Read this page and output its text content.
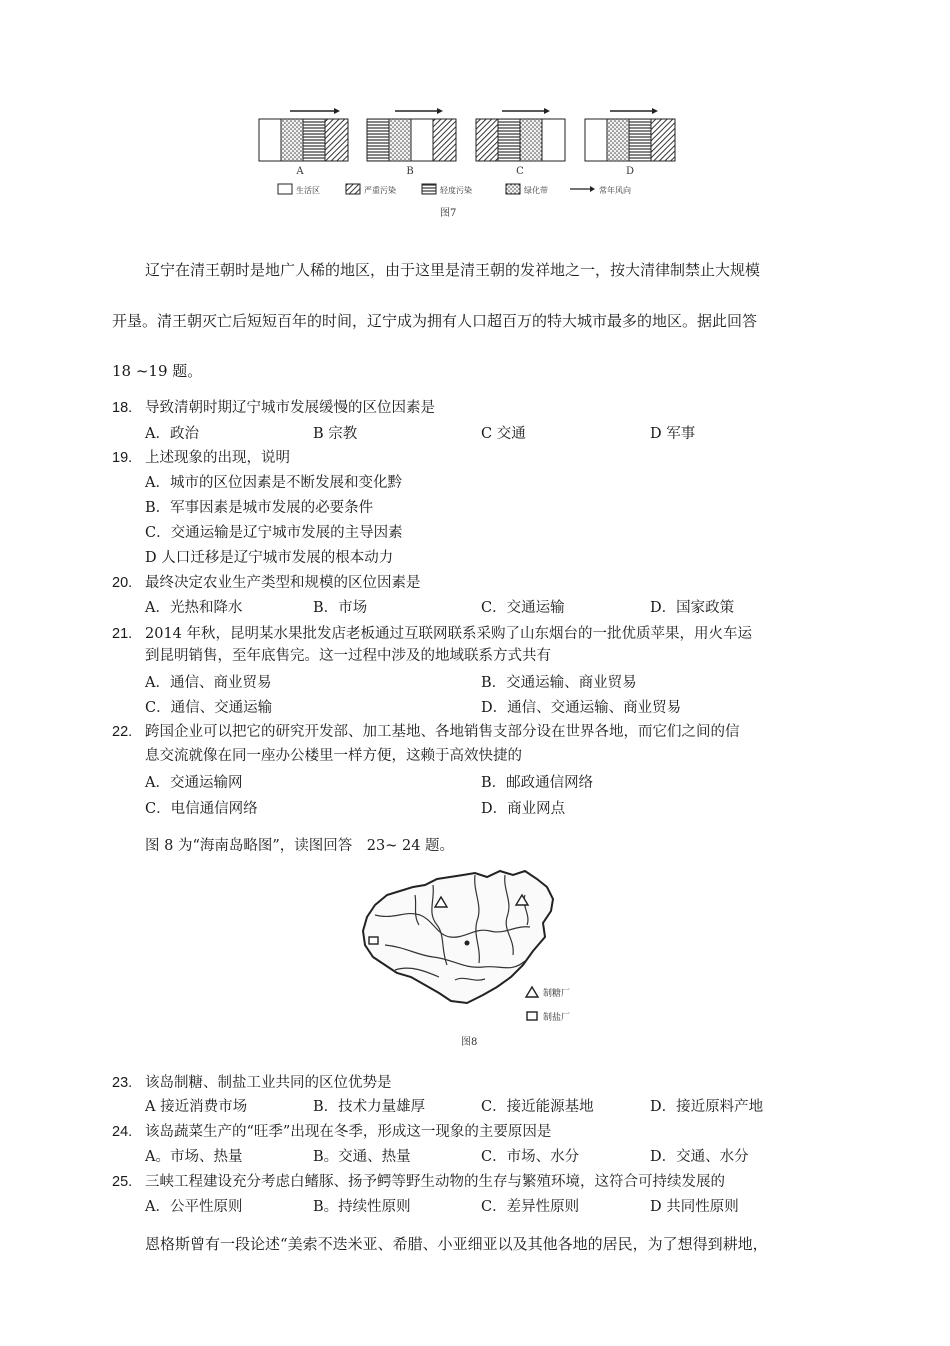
A	B	C	D
生活区	严重污染	轻度污染	绿化带	常年风向
图7
辽宁在清王朝时是地广人稀的地区，由于这里是清王朝的发祥地之一，按大清律制禁止大规模
开垦。清王朝灭亡后短短百年的时间，辽宁成为拥有人口超百万的特大城市最多的地区。据此回答
18 ~19 题。
18. 导致清朝时期辽宁城市发展缓慢的区位因素是
A．政治	B 宗教	C 交通	D 军事
19. 上述现象的出现，说明
A．城市的区位因素是不断发展和变化黔
B．军事因素是城市发展的必要条件
C．交通运输是辽宁城市发展的主导因素
D 人口迁移是辽宁城市发展的根本动力
20. 最终决定农业生产类型和规模的区位因素是
A．光热和降水	B．市场	C．交通运输	D．国家政策
21. 2014 年秋，昆明某水果批发店老板通过互联网联系采购了山东烟台的一批优质苹果，用火车运
到昆明销售，至年底售完。这一过程中涉及的地域联系方式共有
A．通信、商业贸易	B．交通运输、商业贸易
C．通信、交通运输	D．通信、交通运输、商业贸易
22. 跨国企业可以把它的研究开发部、加工基地、各地销售支部分设在世界各地，而它们之间的信
息交流就像在同一座办公楼里一样方便，这赖于高效快捷的
A．交通运输网	B．邮政通信网络
C．电信通信网络	D．商业网点
图 8 为“海南岛略图”，读图回答　23~ 24 题。
制糖厂
制盐厂
图8
23. 该岛制糖、制盐工业共同的区位优势是
A 接近消费市场	B．技术力量雄厚	C．接近能源基地	D．接近原料产地
24. 该岛蔬菜生产的“旺季”出现在冬季，形成这一现象的主要原因是
A。市场、热量	B。交通、热量	C．市场、水分	D．交通、水分
25. 三峡工程建设充分考虑白鳍豚、扬予鳄等野生动物的生存与繁殖环境，这符合可持续发展的
A．公平性原则	B。持续性原则	C．差异性原则	D 共同性原则
恩格斯曾有一段论述“美索不迭米亚、希腊、小亚细亚以及其他各地的居民，为了想得到耕地，
